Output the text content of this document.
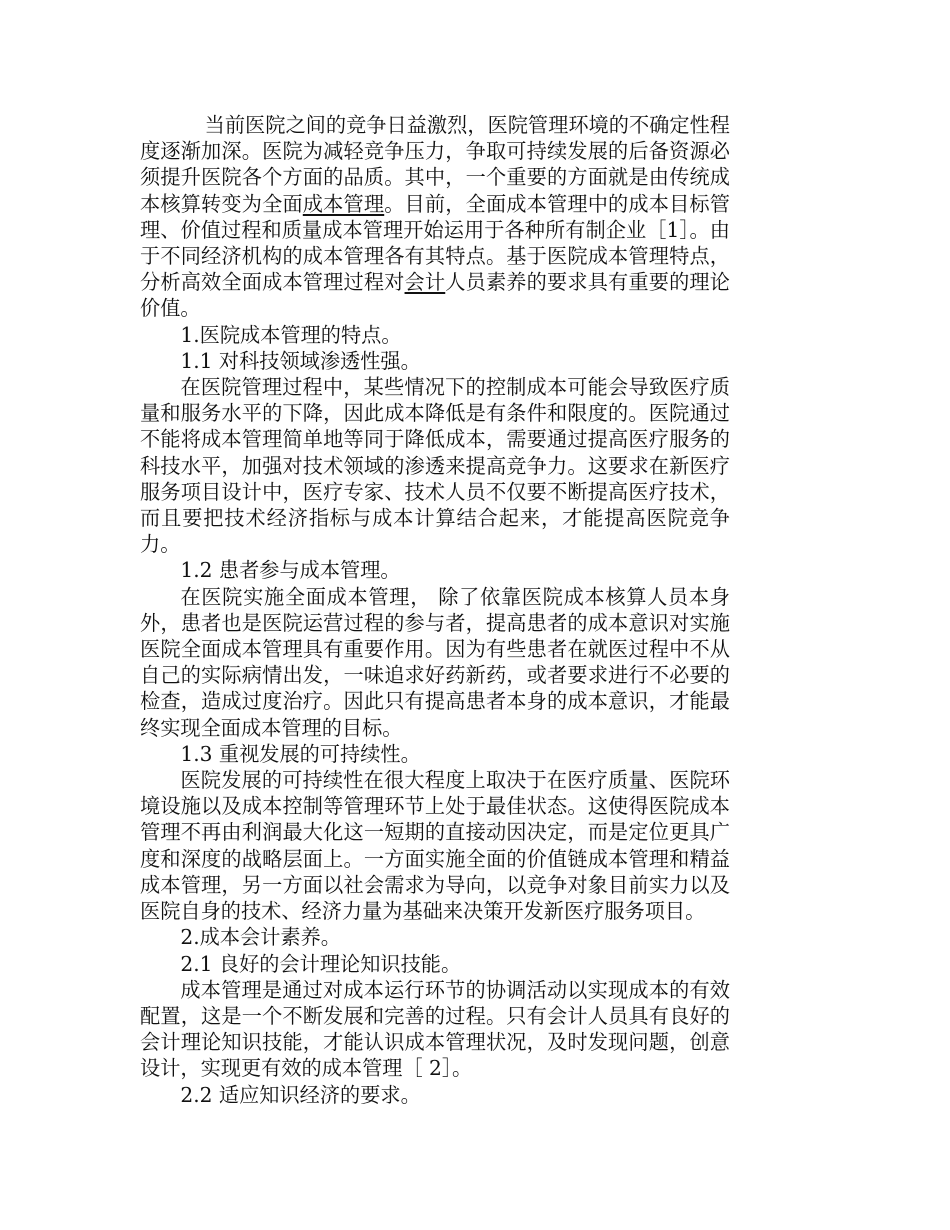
当前医院之间的竞争日益激烈，医院管理环境的不确定性程度逐渐加深。医院为减轻竞争压力，争取可持续发展的后备资源必须提升医院各个方面的品质。其中，一个重要的方面就是由传统成本核算转变为全面成本管理。目前，全面成本管理中的成本目标管理、价值过程和质量成本管理开始运用于各种所有制企业［1］。由于不同经济机构的成本管理各有其特点。基于医院成本管理特点，分析高效全面成本管理过程对会计人员素养的要求具有重要的理论价值。

1.医院成本管理的特点。

1.1 对科技领域渗透性强。

在医院管理过程中，某些情况下的控制成本可能会导致医疗质量和服务水平的下降，因此成本降低是有条件和限度的。医院通过不能将成本管理简单地等同于降低成本，需要通过提高医疗服务的科技水平，加强对技术领域的渗透来提高竞争力。这要求在新医疗服务项目设计中，医疗专家、技术人员不仅要不断提高医疗技术，而且要把技术经济指标与成本计算结合起来，才能提高医院竞争力。

1.2 患者参与成本管理。

在医院实施全面成本管理， 除了依靠医院成本核算人员本身外，患者也是医院运营过程的参与者，提高患者的成本意识对实施医院全面成本管理具有重要作用。因为有些患者在就医过程中不从自己的实际病情出发，一味追求好药新药，或者要求进行不必要的检查，造成过度治疗。因此只有提高患者本身的成本意识，才能最终实现全面成本管理的目标。

1.3 重视发展的可持续性。

医院发展的可持续性在很大程度上取决于在医疗质量、医院环境设施以及成本控制等管理环节上处于最佳状态。这使得医院成本管理不再由利润最大化这一短期的直接动因决定，而是定位更具广度和深度的战略层面上。一方面实施全面的价值链成本管理和精益成本管理，另一方面以社会需求为导向，以竞争对象目前实力以及医院自身的技术、经济力量为基础来决策开发新医疗服务项目。

2.成本会计素养。

2.1 良好的会计理论知识技能。

成本管理是通过对成本运行环节的协调活动以实现成本的有效配置，这是一个不断发展和完善的过程。只有会计人员具有良好的会计理论知识技能，才能认识成本管理状况，及时发现问题，创意设计，实现更有效的成本管理［ 2］。

2.2 适应知识经济的要求。
